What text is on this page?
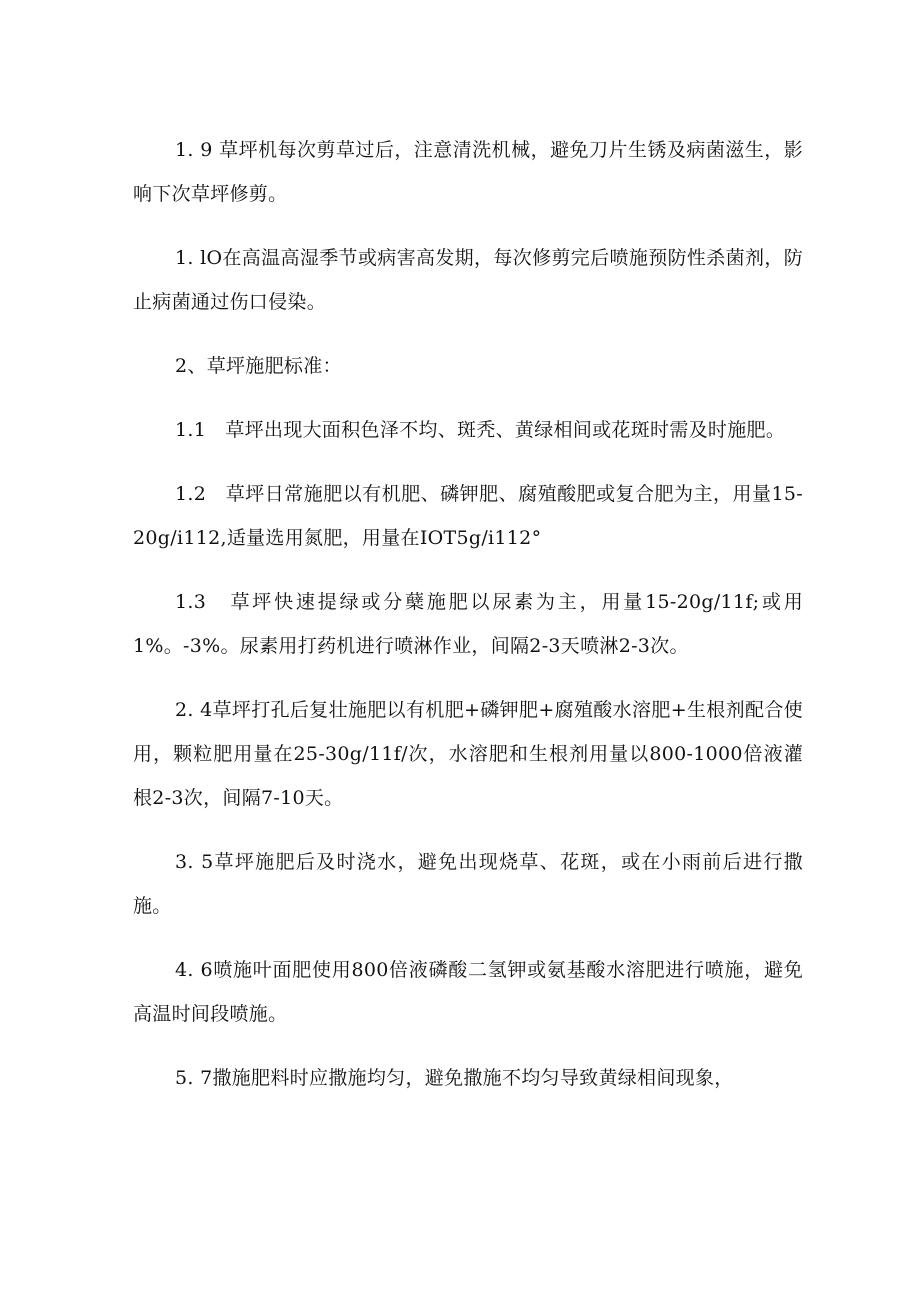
1. 9 草坪机每次剪草过后，注意清洗机械，避免刀片生锈及病菌滋生，影响下次草坪修剪。

1. lO在高温高湿季节或病害高发期，每次修剪完后喷施预防性杀菌剂，防止病菌通过伤口侵染。

2、草坪施肥标准：

1.1　草坪出现大面积色泽不均、斑秃、黄绿相间或花斑时需及时施肥。

1.2　草坪日常施肥以有机肥、磷钾肥、腐殖酸肥或复合肥为主，用量15-20g∕i112,适量选用氮肥，用量在IOT5g∕i112°

1.3　草坪快速提绿或分蘖施肥以尿素为主，用量15-20g∕11f;或用1%。-3%。尿素用打药机进行喷淋作业，间隔2-3天喷淋2-3次。

2. 4草坪打孔后复壮施肥以有机肥+磷钾肥+腐殖酸水溶肥+生根剂配合使用，颗粒肥用量在25-30g∕11f∕次，水溶肥和生根剂用量以800-1000倍液灌根2-3次，间隔7-10天。

3. 5草坪施肥后及时浇水，避免出现烧草、花斑，或在小雨前后进行撒施。

4. 6喷施叶面肥使用800倍液磷酸二氢钾或氨基酸水溶肥进行喷施，避免高温时间段喷施。

5. 7撒施肥料时应撒施均匀，避免撒施不均匀导致黄绿相间现象，
